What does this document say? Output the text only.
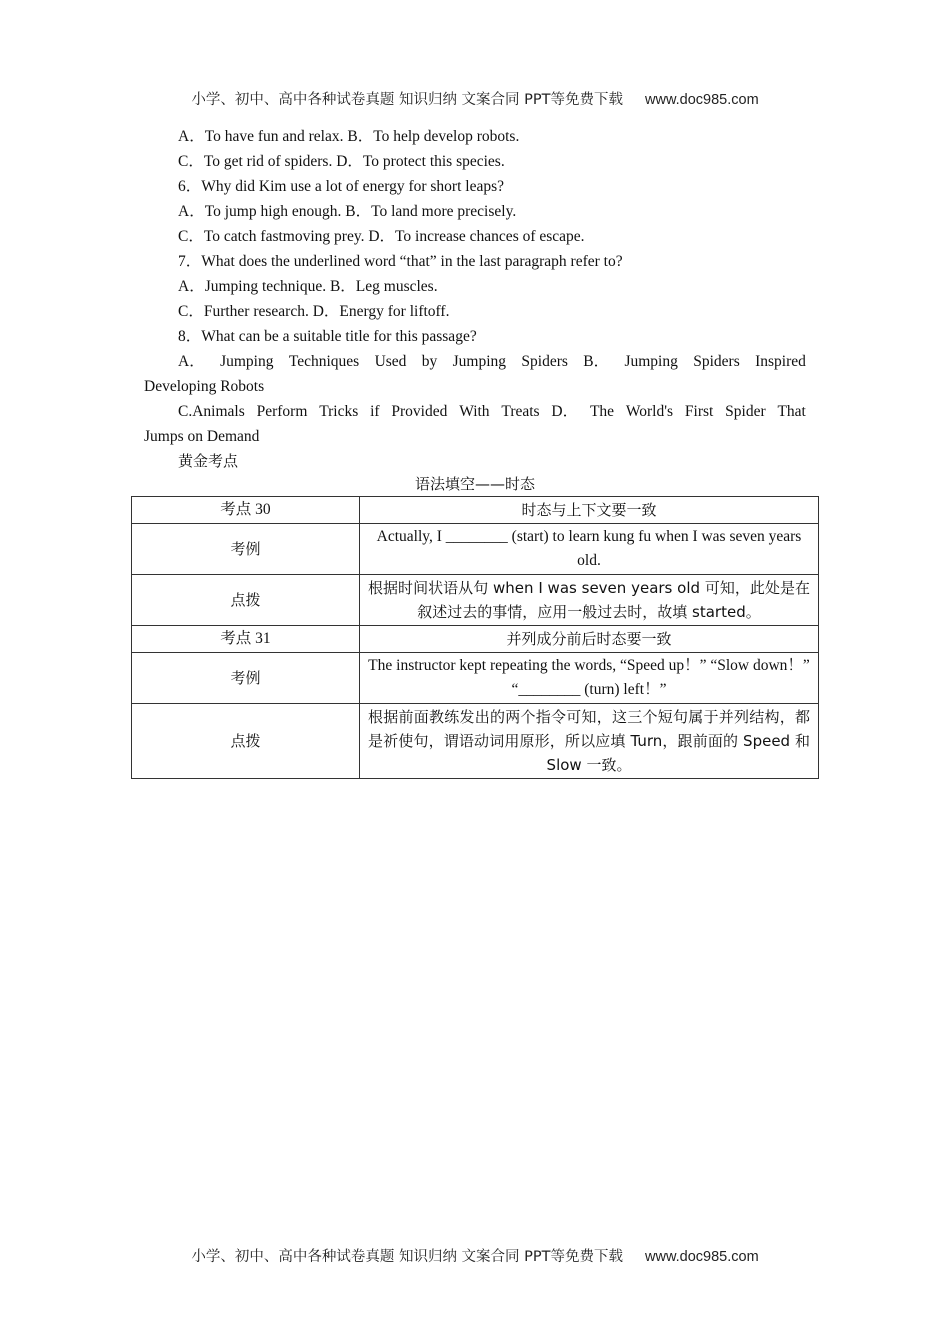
小学、初中、高中各种试卷真题 知识归纳 文案合同 PPT等免费下载 www.doc985.com
A．To have fun and relax. B．To help develop robots.
C．To get rid of spiders. D．To protect this species.
6．Why did Kim use a lot of energy for short leaps?
A．To jump high enough. B．To land more precisely.
C．To catch fastmoving prey. D．To increase chances of escape.
7．What does the underlined word “that” in the last paragraph refer to?
A．Jumping technique. B．Leg muscles.
C．Further research. D．Energy for liftoff.
8．What can be a suitable title for this passage?
A． Jumping Techniques Used by Jumping Spiders B． Jumping Spiders Inspired
Developing Robots
C.Animals Perform Tricks if Provided With Treats D． The World's First Spider That
Jumps on Demand
黄金考点
语法填空——时态
考点 30	时态与上下文要一致
考例	Actually, I ________ (start) to learn kung fu when I was seven years old.
点拨	根据时间状语从句 when I was seven years old 可知，此处是在叙述过去的事情，应用一般过去时，故填 started。
考点 31	并列成分前后时态要一致
考例	The instructor kept repeating the words, “Speed up！” “Slow down！” “________ (turn) left！”
点拨	根据前面教练发出的两个指令可知，这三个短句属于并列结构，都是祈使句，谓语动词用原形，所以应填 Turn，跟前面的 Speed 和 Slow 一致。
小学、初中、高中各种试卷真题 知识归纳 文案合同 PPT等免费下载 www.doc985.com
